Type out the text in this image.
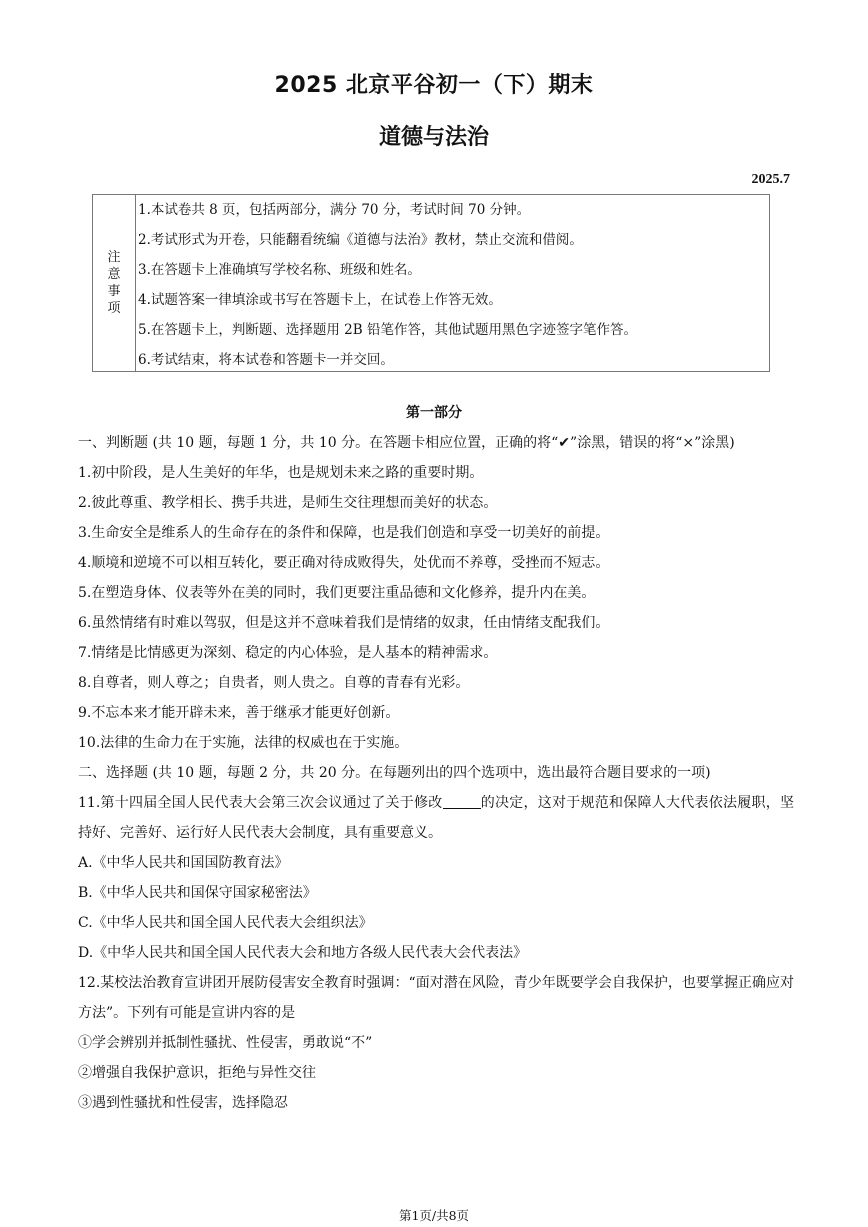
2025 北京平谷初一（下）期末
道德与法治
2025.7
注
意
事
项
1.本试卷共 8 页，包括两部分，满分 70 分，考试时间 70 分钟。
2.考试形式为开卷，只能翻看统编《道德与法治》教材，禁止交流和借阅。
3.在答题卡上准确填写学校名称、班级和姓名。
4.试题答案一律填涂或书写在答题卡上，在试卷上作答无效。
5.在答题卡上，判断题、选择题用 2B 铅笔作答，其他试题用黑色字迹签字笔作答。
6.考试结束，将本试卷和答题卡一并交回。
第一部分
一、判断题 (共 10 题，每题 1 分，共 10 分。在答题卡相应位置，正确的将“✔”涂黑，错误的将“×”涂黑)
1.初中阶段，是人生美好的年华，也是规划未来之路的重要时期。
2.彼此尊重、教学相长、携手共进，是师生交往理想而美好的状态。
3.生命安全是维系人的生命存在的条件和保障，也是我们创造和享受一切美好的前提。
4.顺境和逆境不可以相互转化，要正确对待成败得失，处优而不养尊，受挫而不短志。
5.在塑造身体、仪表等外在美的同时，我们更要注重品德和文化修养，提升内在美。
6.虽然情绪有时难以驾驭，但是这并不意味着我们是情绪的奴隶，任由情绪支配我们。
7.情绪是比情感更为深刻、稳定的内心体验，是人基本的精神需求。
8.自尊者，则人尊之；自贵者，则人贵之。自尊的青春有光彩。
9.不忘本来才能开辟未来，善于继承才能更好创新。
10.法律的生命力在于实施，法律的权威也在于实施。
二、选择题 (共 10 题，每题 2 分，共 20 分。在每题列出的四个选项中，选出最符合题目要求的一项)
11.第十四届全国人民代表大会第三次会议通过了关于修改	的决定，这对于规范和保障人大代表依法履职，坚持好、完善好、运行好人民代表大会制度，具有重要意义。
A.《中华人民共和国国防教育法》
B.《中华人民共和国保守国家秘密法》
C.《中华人民共和国全国人民代表大会组织法》
D.《中华人民共和国全国人民代表大会和地方各级人民代表大会代表法》
12.某校法治教育宣讲团开展防侵害安全教育时强调：“面对潜在风险，青少年既要学会自我保护，也要掌握正确应对方法”。下列有可能是宣讲内容的是
①学会辨别并抵制性骚扰、性侵害，勇敢说“不”
②增强自我保护意识，拒绝与异性交往
③遇到性骚扰和性侵害，选择隐忍
第1页/共8页
